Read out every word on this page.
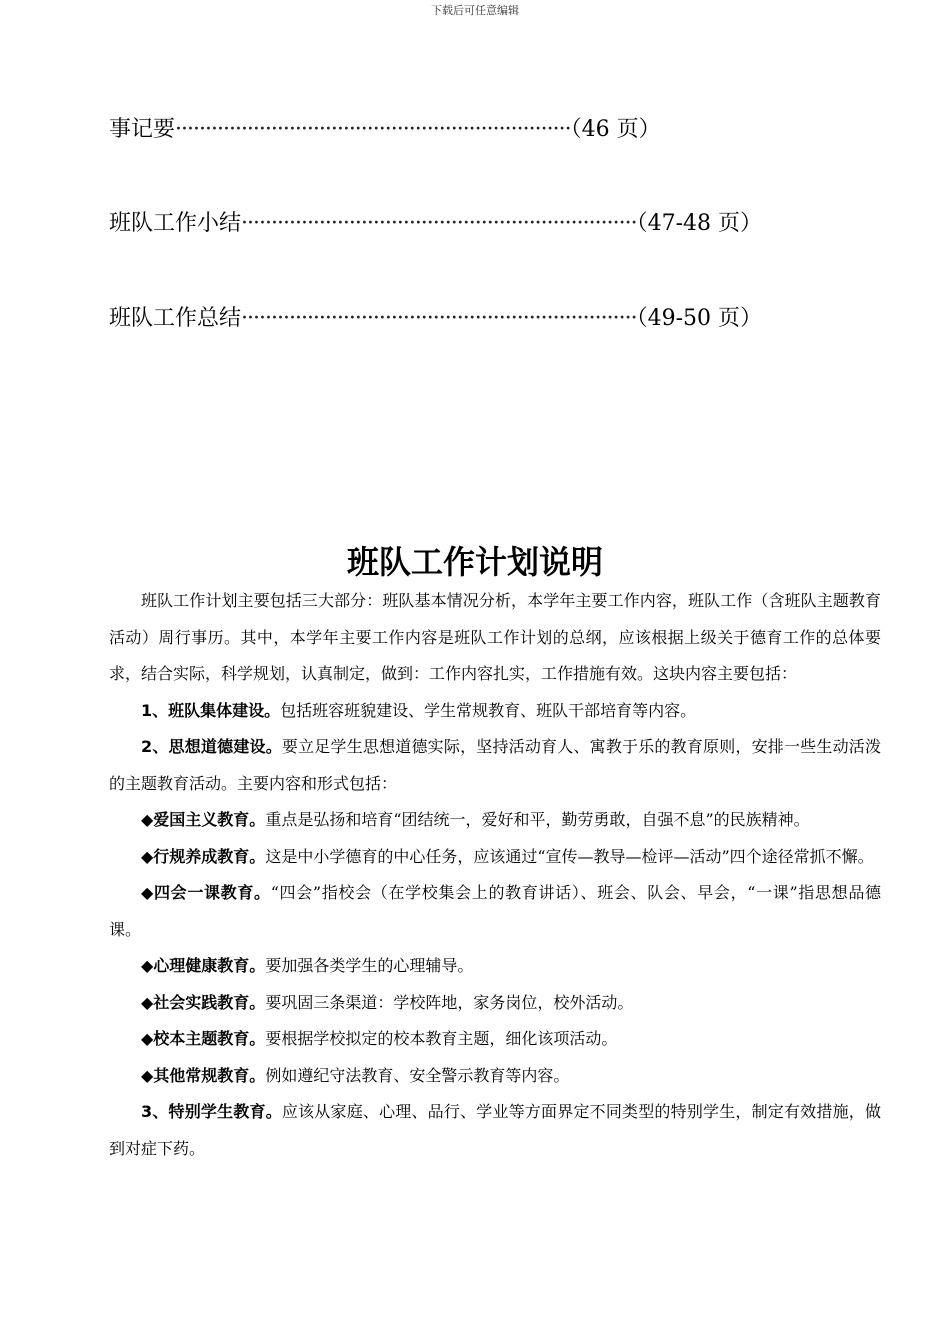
下载后可任意编辑
事记要··································································（46 页）
班队工作小结··································································（47-48 页）
班队工作总结··································································（49-50 页）
班队工作计划说明

班队工作计划主要包括三大部分：班队基本情况分析，本学年主要工作内容，班队工作（含班队主题教育活动）周行事历。其中，本学年主要工作内容是班队工作计划的总纲，应该根据上级关于德育工作的总体要求，结合实际，科学规划，认真制定，做到：工作内容扎实，工作措施有效。这块内容主要包括：

1、班队集体建设。包括班容班貌建设、学生常规教育、班队干部培育等内容。

2、思想道德建设。要立足学生思想道德实际，坚持活动育人、寓教于乐的教育原则，安排一些生动活泼的主题教育活动。主要内容和形式包括：

◆爱国主义教育。重点是弘扬和培育“团结统一，爱好和平，勤劳勇敢，自强不息”的民族精神。

◆行规养成教育。这是中小学德育的中心任务，应该通过“宣传—教导—检评—活动”四个途径常抓不懈。

◆四会一课教育。“四会”指校会（在学校集会上的教育讲话）、班会、队会、早会，“一课”指思想品德课。

◆心理健康教育。要加强各类学生的心理辅导。

◆社会实践教育。要巩固三条渠道：学校阵地，家务岗位，校外活动。

◆校本主题教育。要根据学校拟定的校本教育主题，细化该项活动。

◆其他常规教育。例如遵纪守法教育、安全警示教育等内容。

3、特别学生教育。应该从家庭、心理、品行、学业等方面界定不同类型的特别学生，制定有效措施，做到对症下药。
